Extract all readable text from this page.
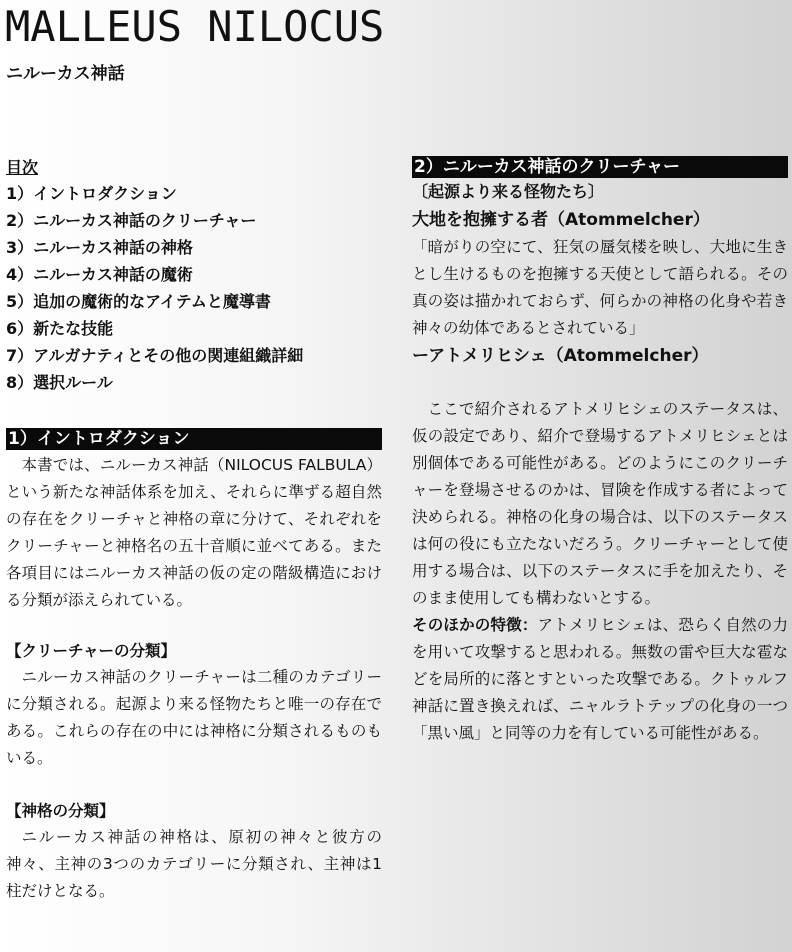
MALLEUS NILOCUS
ニルーカス神話
目次
1）イントロダクション
2）ニルーカス神話のクリーチャー
3）ニルーカス神話の神格
4）ニルーカス神話の魔術
5）追加の魔術的なアイテムと魔導書
6）新たな技能
7）アルガナティとその他の関連組織詳細
8）選択ルール
1）イントロダクション

本書では、ニルーカス神話（NILOCUS FALBULA）という新たな神話体系を加え、それらに準ずる超自然の存在をクリーチャと神格の章に分けて、それぞれをクリーチャーと神格名の五十音順に並べてある。また各項目にはニルーカス神話の仮の定の階級構造における分類が添えられている。

【クリーチャーの分類】

ニルーカス神話のクリーチャーは二種のカテゴリーに分類される。起源より来る怪物たちと唯一の存在である。これらの存在の中には神格に分類されるものもいる。

【神格の分類】

ニルーカス神話の神格は、原初の神々と彼方の神々、主神の3つのカテゴリーに分類され、主神は1柱だけとなる。

2）ニルーカス神話のクリーチャー
〔起源より来る怪物たち〕
大地を抱擁する者（Atommelcher）

「暗がりの空にて、狂気の蜃気楼を映し、大地に生きとし生けるものを抱擁する天使として語られる。その真の姿は描かれておらず、何らかの神格の化身や若き神々の幼体であるとされている」

ーアトメリヒシェ（Atommelcher）

ここで紹介されるアトメリヒシェのステータスは、仮の設定であり、紹介で登場するアトメリヒシェとは別個体である可能性がある。どのようにこのクリーチャーを登場させるのかは、冒険を作成する者によって決められる。神格の化身の場合は、以下のステータスは何の役にも立たないだろう。クリーチャーとして使用する場合は、以下のステータスに手を加えたり、そのまま使用しても構わないとする。

そのほかの特徴：アトメリヒシェは、恐らく自然の力を用いて攻撃すると思われる。無数の雷や巨大な雹などを局所的に落とすといった攻撃である。クトゥルフ神話に置き換えれば、ニャルラトテップの化身の一つ「黒い風」と同等の力を有している可能性がある。
